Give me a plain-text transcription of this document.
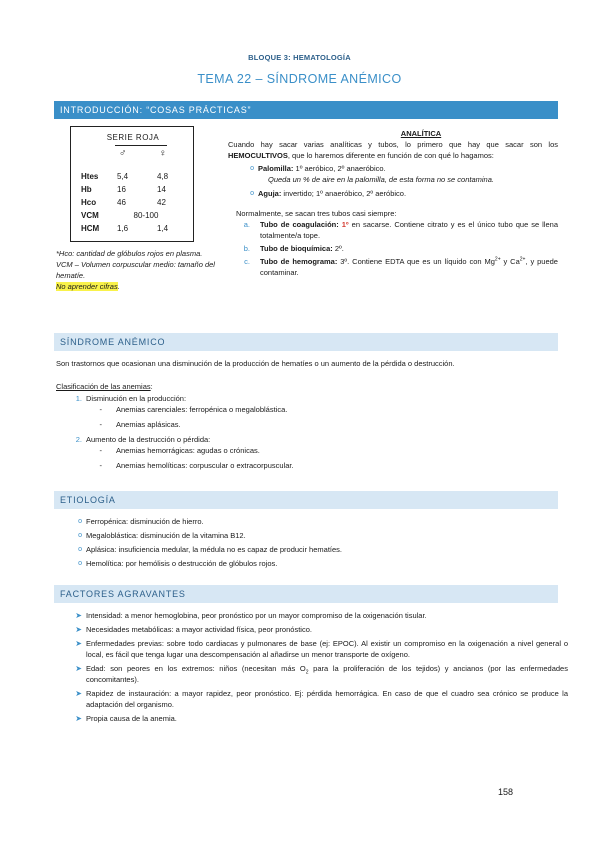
BLOQUE 3: HEMATOLOGÍA
TEMA 22 – SÍNDROME ANÉMICO
INTRODUCCIÓN: “COSAS PRÁCTICAS”
SERIE ROJA
♂	♀
Htes 5,4	4,8
Hb	16	14
Hco	46	42
VCM	80-100
HCM 1,6	1,4
*Hco: cantidad de glóbulos rojos en plasma.
VCM – Volumen corpuscular medio: tamaño del hematíe.
No aprender cifras.
ANALÍTICA
Cuando hay sacar varias analíticas y tubos, lo primero que hay que sacar son los HEMOCULTIVOS, que lo haremos diferente en función de con qué lo hagamos:
o Palomilla: 1º aeróbico, 2º anaeróbico.
Queda un % de aire en la palomilla, de esta forma no se contamina.
o Aguja: invertido; 1º anaeróbico, 2º aeróbico.
Normalmente, se sacan tres tubos casi siempre:
a. Tubo de coagulación: 1º en sacarse. Contiene citrato y es el único tubo que se llena totalmente/a tope.
b. Tubo de bioquímica: 2º.
c. Tubo de hemograma: 3º. Contiene EDTA que es un líquido con $Mg^{2+}$ y $Ca^{2+}$, y puede contaminar.
SÍNDROME ANÉMICO
Son trastornos que ocasionan una disminución de la producción de hematíes o un aumento de la pérdida o destrucción.
Clasificación de las anemias:
1. Disminución en la producción:
- Anemias carenciales: ferropénica o megaloblástica.
- Anemias aplásicas.
2. Aumento de la destrucción o pérdida:
- Anemias hemorrágicas: agudas o crónicas.
- Anemias hemolíticas: corpuscular o extracorpuscular.
ETIOLOGÍA
o Ferropénica: disminución de hierro.
o Megaloblástica: disminución de la vitamina B12.
o Aplásica: insuficiencia medular, la médula no es capaz de producir hematíes.
o Hemolítica: por hemólisis o destrucción de glóbulos rojos.
FACTORES AGRAVANTES
➤ Intensidad: a menor hemoglobina, peor pronóstico por un mayor compromiso de la oxigenación tisular.
➤ Necesidades metabólicas: a mayor actividad física, peor pronóstico.
➤ Enfermedades previas: sobre todo cardiacas y pulmonares de base (ej: EPOC). Al existir un compromiso en la oxigenación a nivel general o local, es fácil que tenga lugar una descompensación al añadirse un menor transporte de oxígeno.
➤ Edad: son peores en los extremos: niños (necesitan más $O_2$ para la proliferación de los tejidos) y ancianos (por las enfermedades concomitantes).
➤ Rapidez de instauración: a mayor rapidez, peor pronóstico. Ej: pérdida hemorrágica. En caso de que el cuadro sea crónico se produce la adaptación del organismo.
➤ Propia causa de la anemia.
158
